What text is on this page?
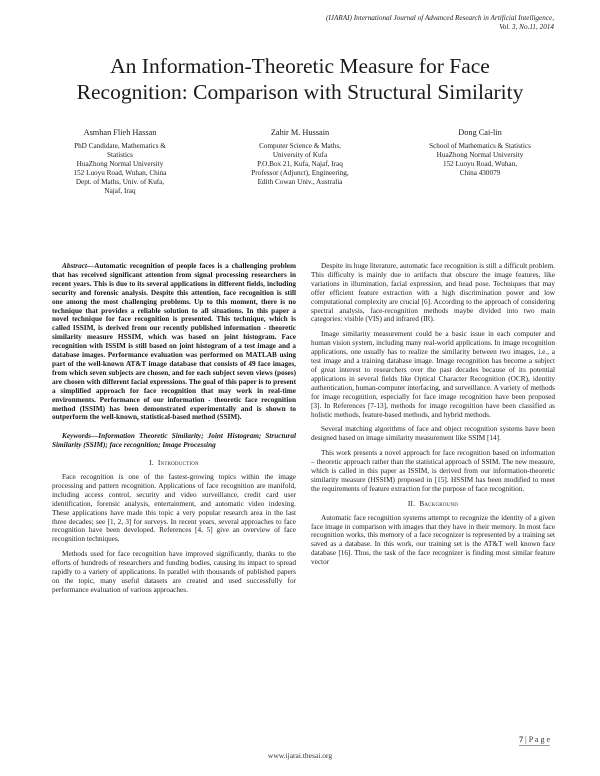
(IJARAI) International Journal of Advanced Research in Artificial Intelligence,
Vol. 3, No.11, 2014
An Information-Theoretic Measure for Face
Recognition: Comparison with Structural Similarity
Asmhan Flieh Hassan
PhD Candidate, Mathematics &
Statistics
HuaZhong Normal University
152 Luoyu Road, Wuhan, China
Dept. of Maths, Univ. of Kufa,
Najaf, Iraq
Zahir M. Hussain
Computer Science & Maths,
University of Kufa
P.O.Box 21, Kufa, Najaf, Iraq
Professor (Adjunct), Engineering,
Edith Cowan Univ., Australia
Dong Cai-lin
School of Mathematics & Statistics
HuaZhong Normal University
152 Luoyu Road, Wuhan,
China 430079

Abstract—Automatic recognition of people faces is a challenging problem that has received significant attention from signal processing researchers in recent years. This is due to its several applications in different fields, including security and forensic analysis. Despite this attention, face recognition is still one among the most challenging problems. Up to this moment, there is no technique that provides a reliable solution to all situations. In this paper a novel technique for face recognition is presented. This technique, which is called ISSIM, is derived from our recently published information - theoretic similarity measure HSSIM, which was based on joint histogram. Face recognition with ISSIM is still based on joint histogram of a test image and a database images. Performance evaluation was performed on MATLAB using part of the well-known AT&T image database that consists of 49 face images, from which seven subjects are chosen, and for each subject seven views (poses) are chosen with different facial expressions. The goal of this paper is to present a simplified approach for face recognition that may work in real-time environments. Performance of our information - theoretic face recognition method (ISSIM) has been demonstrated experimentally and is shown to outperform the well-known, statistical-based method (SSIM).

Keywords—Information Theoretic Similarity; Joint Histogram; Structural Similarity (SSIM); face recognition; Image Processing

I. Introduction

Face recognition is one of the fastest-growing topics within the image processing and pattern recognition. Applications of face recognition are manifold, including access control, security and video surveillance, credit card user identification, forensic analysis, entertainment, and automatic video indexing. These applications have made this topic a very popular research area in the last three decades; see [1, 2, 3] for surveys. In recent years, several approaches to face recognition have been developed. References [4, 5] give an overview of face recognition techniques.

Methods used for face recognition have improved significantly, thanks to the efforts of hundreds of researchers and funding bodies, causing its impact to spread rapidly to a variety of applications. In parallel with thousands of published papers on the topic, many useful datasets are created and used successfully for performance evaluation of various approaches.

Despite its huge literature, automatic face recognition is still a difficult problem. This difficulty is mainly due to artifacts that obscure the image features, like variations in illumination, facial expression, and head pose. Techniques that may offer efficient feature extraction with a high discrimination power and low computational complexity are crucial [6]. According to the approach of considering spectral analysis, face-recognition methods maybe divided into two main categories: visible (VIS) and infrared (IR).

Image similarity measurement could be a basic issue in each computer and human vision system, including many real-world applications. In image recognition applications, one usually has to realize the similarity between two images, i.e., a test image and a training database image. Image recognition has become a subject of great interest to researchers over the past decades because of its potential applications in several fields like Optical Character Recognition (OCR), identity authentication, human-computer interfacing, and surveillance. A variety of methods for image recognition, especially for face image recognition have been proposed [3]. In References [7-13], methods for image recognition have been classified as holistic methods, feature-based methods, and hybrid methods.

Several matching algorithms of face and object recognition systems have been designed based on image similarity measurement like SSIM [14].

This work presents a novel approach for face recognition based on information – theoretic approach rather than the statistical approach of SSIM. The new measure, which is called in this paper as ISSIM, is derived from our information-theoretic similarity measure (HSSIM) proposed in [15]. HSSIM has been modified to meet the requirements of feature extraction for the purpose of face recognition.

II. Background

Automatic face recognition systems attempt to recognize the identity of a given face image in comparison with images that they have in their memory. In most face recognition works, this memory of a face recognizer is represented by a training set saved as a database. In this work, our training set is the AT&T well known face database [16]. Thus, the task of the face recognizer is finding most similar feature vector

7 | P a g e
www.ijarai.thesai.org
